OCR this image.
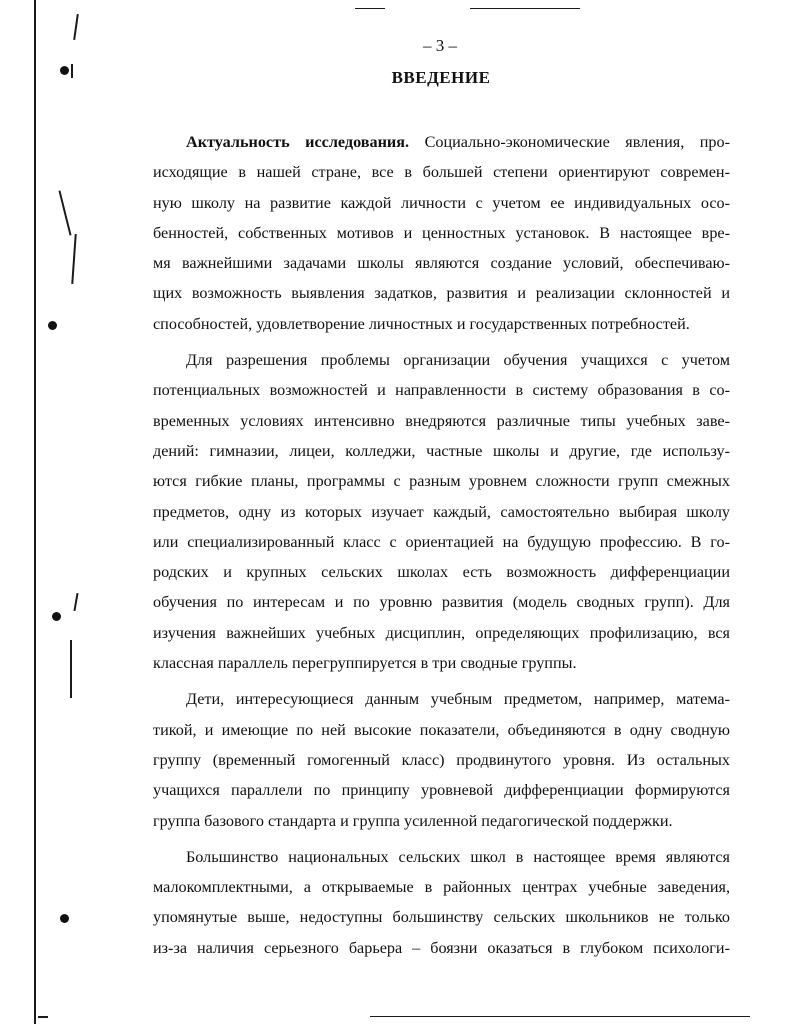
– 3 –
ВВЕДЕНИЕ
Актуальность исследования. Социально-экономические явления, про-
исходящие в нашей стране, все в большей степени ориентируют современ-
ную школу на развитие каждой личности с учетом ее индивидуальных осо-
бенностей, собственных мотивов и ценностных установок. В настоящее вре-
мя важнейшими задачами школы являются создание условий, обеспечиваю-
щих возможность выявления задатков, развития и реализации склонностей и
способностей, удовлетворение личностных и государственных потребностей.
Для разрешения проблемы организации обучения учащихся с учетом
потенциальных возможностей и направленности в систему образования в со-
временных условиях интенсивно внедряются различные типы учебных заве-
дений: гимназии, лицеи, колледжи, частные школы и другие, где использу-
ются гибкие планы, программы с разным уровнем сложности групп смежных
предметов, одну из которых изучает каждый, самостоятельно выбирая школу
или специализированный класс с ориентацией на будущую профессию. В го-
родских и крупных сельских школах есть возможность дифференциации
обучения по интересам и по уровню развития (модель сводных групп). Для
изучения важнейших учебных дисциплин, определяющих профилизацию, вся
классная параллель перегруппируется в три сводные группы.
Дети, интересующиеся данным учебным предметом, например, матема-
тикой, и имеющие по ней высокие показатели, объединяются в одну сводную
группу (временный гомогенный класс) продвинутого уровня. Из остальных
учащихся параллели по принципу уровневой дифференциации формируются
группа базового стандарта и группа усиленной педагогической поддержки.
Большинство национальных сельских школ в настоящее время являются
малокомплектными, а открываемые в районных центрах учебные заведения,
упомянутые выше, недоступны большинству сельских школьников не только
из-за наличия серьезного барьера – боязни оказаться в глубоком психологи-
